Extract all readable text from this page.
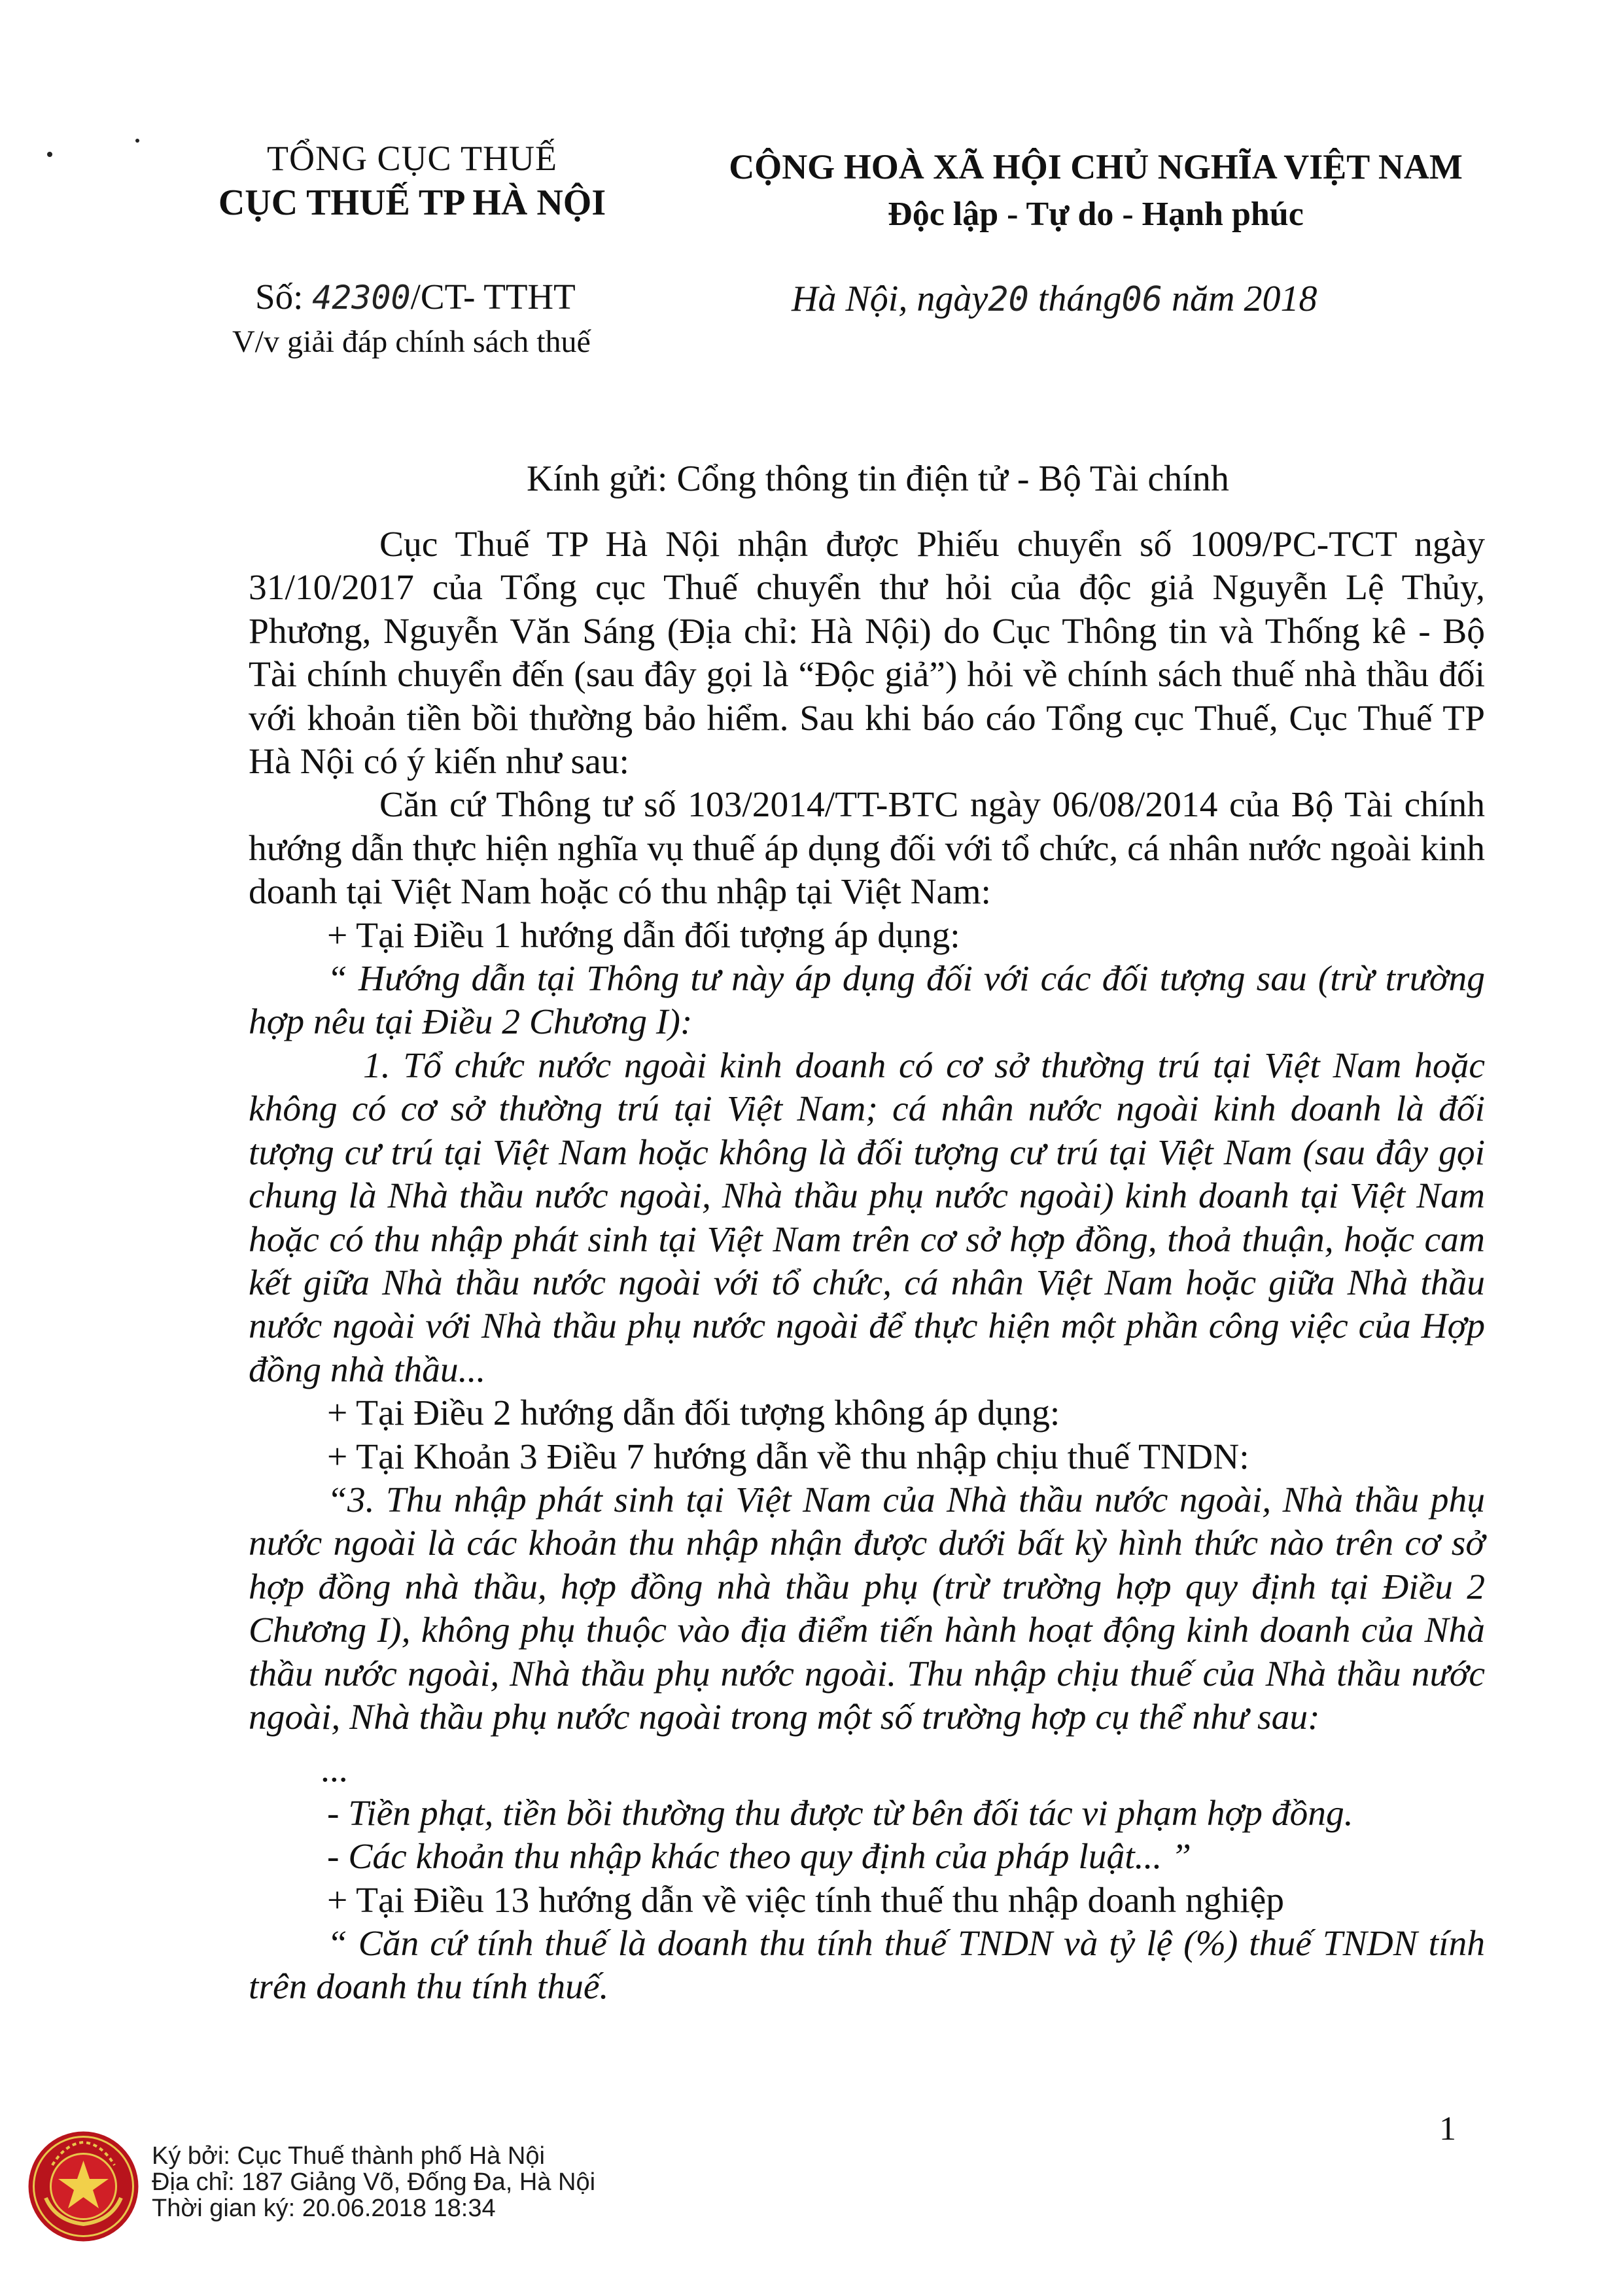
TỔNG CỤC THUẾ
CỤC THUẾ TP HÀ NỘI
CỘNG HOÀ XÃ HỘI CHỦ NGHĨA VIỆT NAM
Độc lập - Tự do - Hạnh phúc
Số: 42300/CT- TTHT
V/v giải đáp chính sách thuế
Hà Nội, ngày20 tháng06 năm 2018
Kính gửi: Cổng thông tin điện tử - Bộ Tài chính

Cục Thuế TP Hà Nội nhận được Phiếu chuyển số 1009/PC-TCT ngày 31/10/2017 của Tổng cục Thuế chuyển thư hỏi của độc giả Nguyễn Lệ Thủy, Phương, Nguyễn Văn Sáng (Địa chỉ: Hà Nội) do Cục Thông tin và Thống kê - Bộ Tài chính chuyển đến (sau đây gọi là “Độc giả”) hỏi về chính sách thuế nhà thầu đối với khoản tiền bồi thường bảo hiểm. Sau khi báo cáo Tổng cục Thuế, Cục Thuế TP Hà Nội có ý kiến như sau:

Căn cứ Thông tư số 103/2014/TT-BTC ngày 06/08/2014 của Bộ Tài chính hướng dẫn thực hiện nghĩa vụ thuế áp dụng đối với tổ chức, cá nhân nước ngoài kinh doanh tại Việt Nam hoặc có thu nhập tại Việt Nam:

+ Tại Điều 1 hướng dẫn đối tượng áp dụng:

“ Hướng dẫn tại Thông tư này áp dụng đối với các đối tượng sau (trừ trường hợp nêu tại Điều 2 Chương I):

1. Tổ chức nước ngoài kinh doanh có cơ sở thường trú tại Việt Nam hoặc không có cơ sở thường trú tại Việt Nam; cá nhân nước ngoài kinh doanh là đối tượng cư trú tại Việt Nam hoặc không là đối tượng cư trú tại Việt Nam (sau đây gọi chung là Nhà thầu nước ngoài, Nhà thầu phụ nước ngoài) kinh doanh tại Việt Nam hoặc có thu nhập phát sinh tại Việt Nam trên cơ sở hợp đồng, thoả thuận, hoặc cam kết giữa Nhà thầu nước ngoài với tổ chức, cá nhân Việt Nam hoặc giữa Nhà thầu nước ngoài với Nhà thầu phụ nước ngoài để thực hiện một phần công việc của Hợp đồng nhà thầu...

+ Tại Điều 2 hướng dẫn đối tượng không áp dụng:

+ Tại Khoản 3 Điều 7 hướng dẫn về thu nhập chịu thuế TNDN:

“3. Thu nhập phát sinh tại Việt Nam của Nhà thầu nước ngoài, Nhà thầu phụ nước ngoài là các khoản thu nhập nhận được dưới bất kỳ hình thức nào trên cơ sở hợp đồng nhà thầu, hợp đồng nhà thầu phụ (trừ trường hợp quy định tại Điều 2 Chương I), không phụ thuộc vào địa điểm tiến hành hoạt động kinh doanh của Nhà thầu nước ngoài, Nhà thầu phụ nước ngoài. Thu nhập chịu thuế của Nhà thầu nước ngoài, Nhà thầu phụ nước ngoài trong một số trường hợp cụ thể như sau:

...

- Tiền phạt, tiền bồi thường thu được từ bên đối tác vi phạm hợp đồng.

- Các khoản thu nhập khác theo quy định của pháp luật... ”

+ Tại Điều 13 hướng dẫn về việc tính thuế thu nhập doanh nghiệp

“ Căn cứ tính thuế là doanh thu tính thuế TNDN và tỷ lệ (%) thuế TNDN tính trên doanh thu tính thuế.

1
Ký bởi: Cục Thuế thành phố Hà Nội
Địa chỉ: 187 Giảng Võ, Đống Đa, Hà Nội
Thời gian ký: 20.06.2018 18:34
